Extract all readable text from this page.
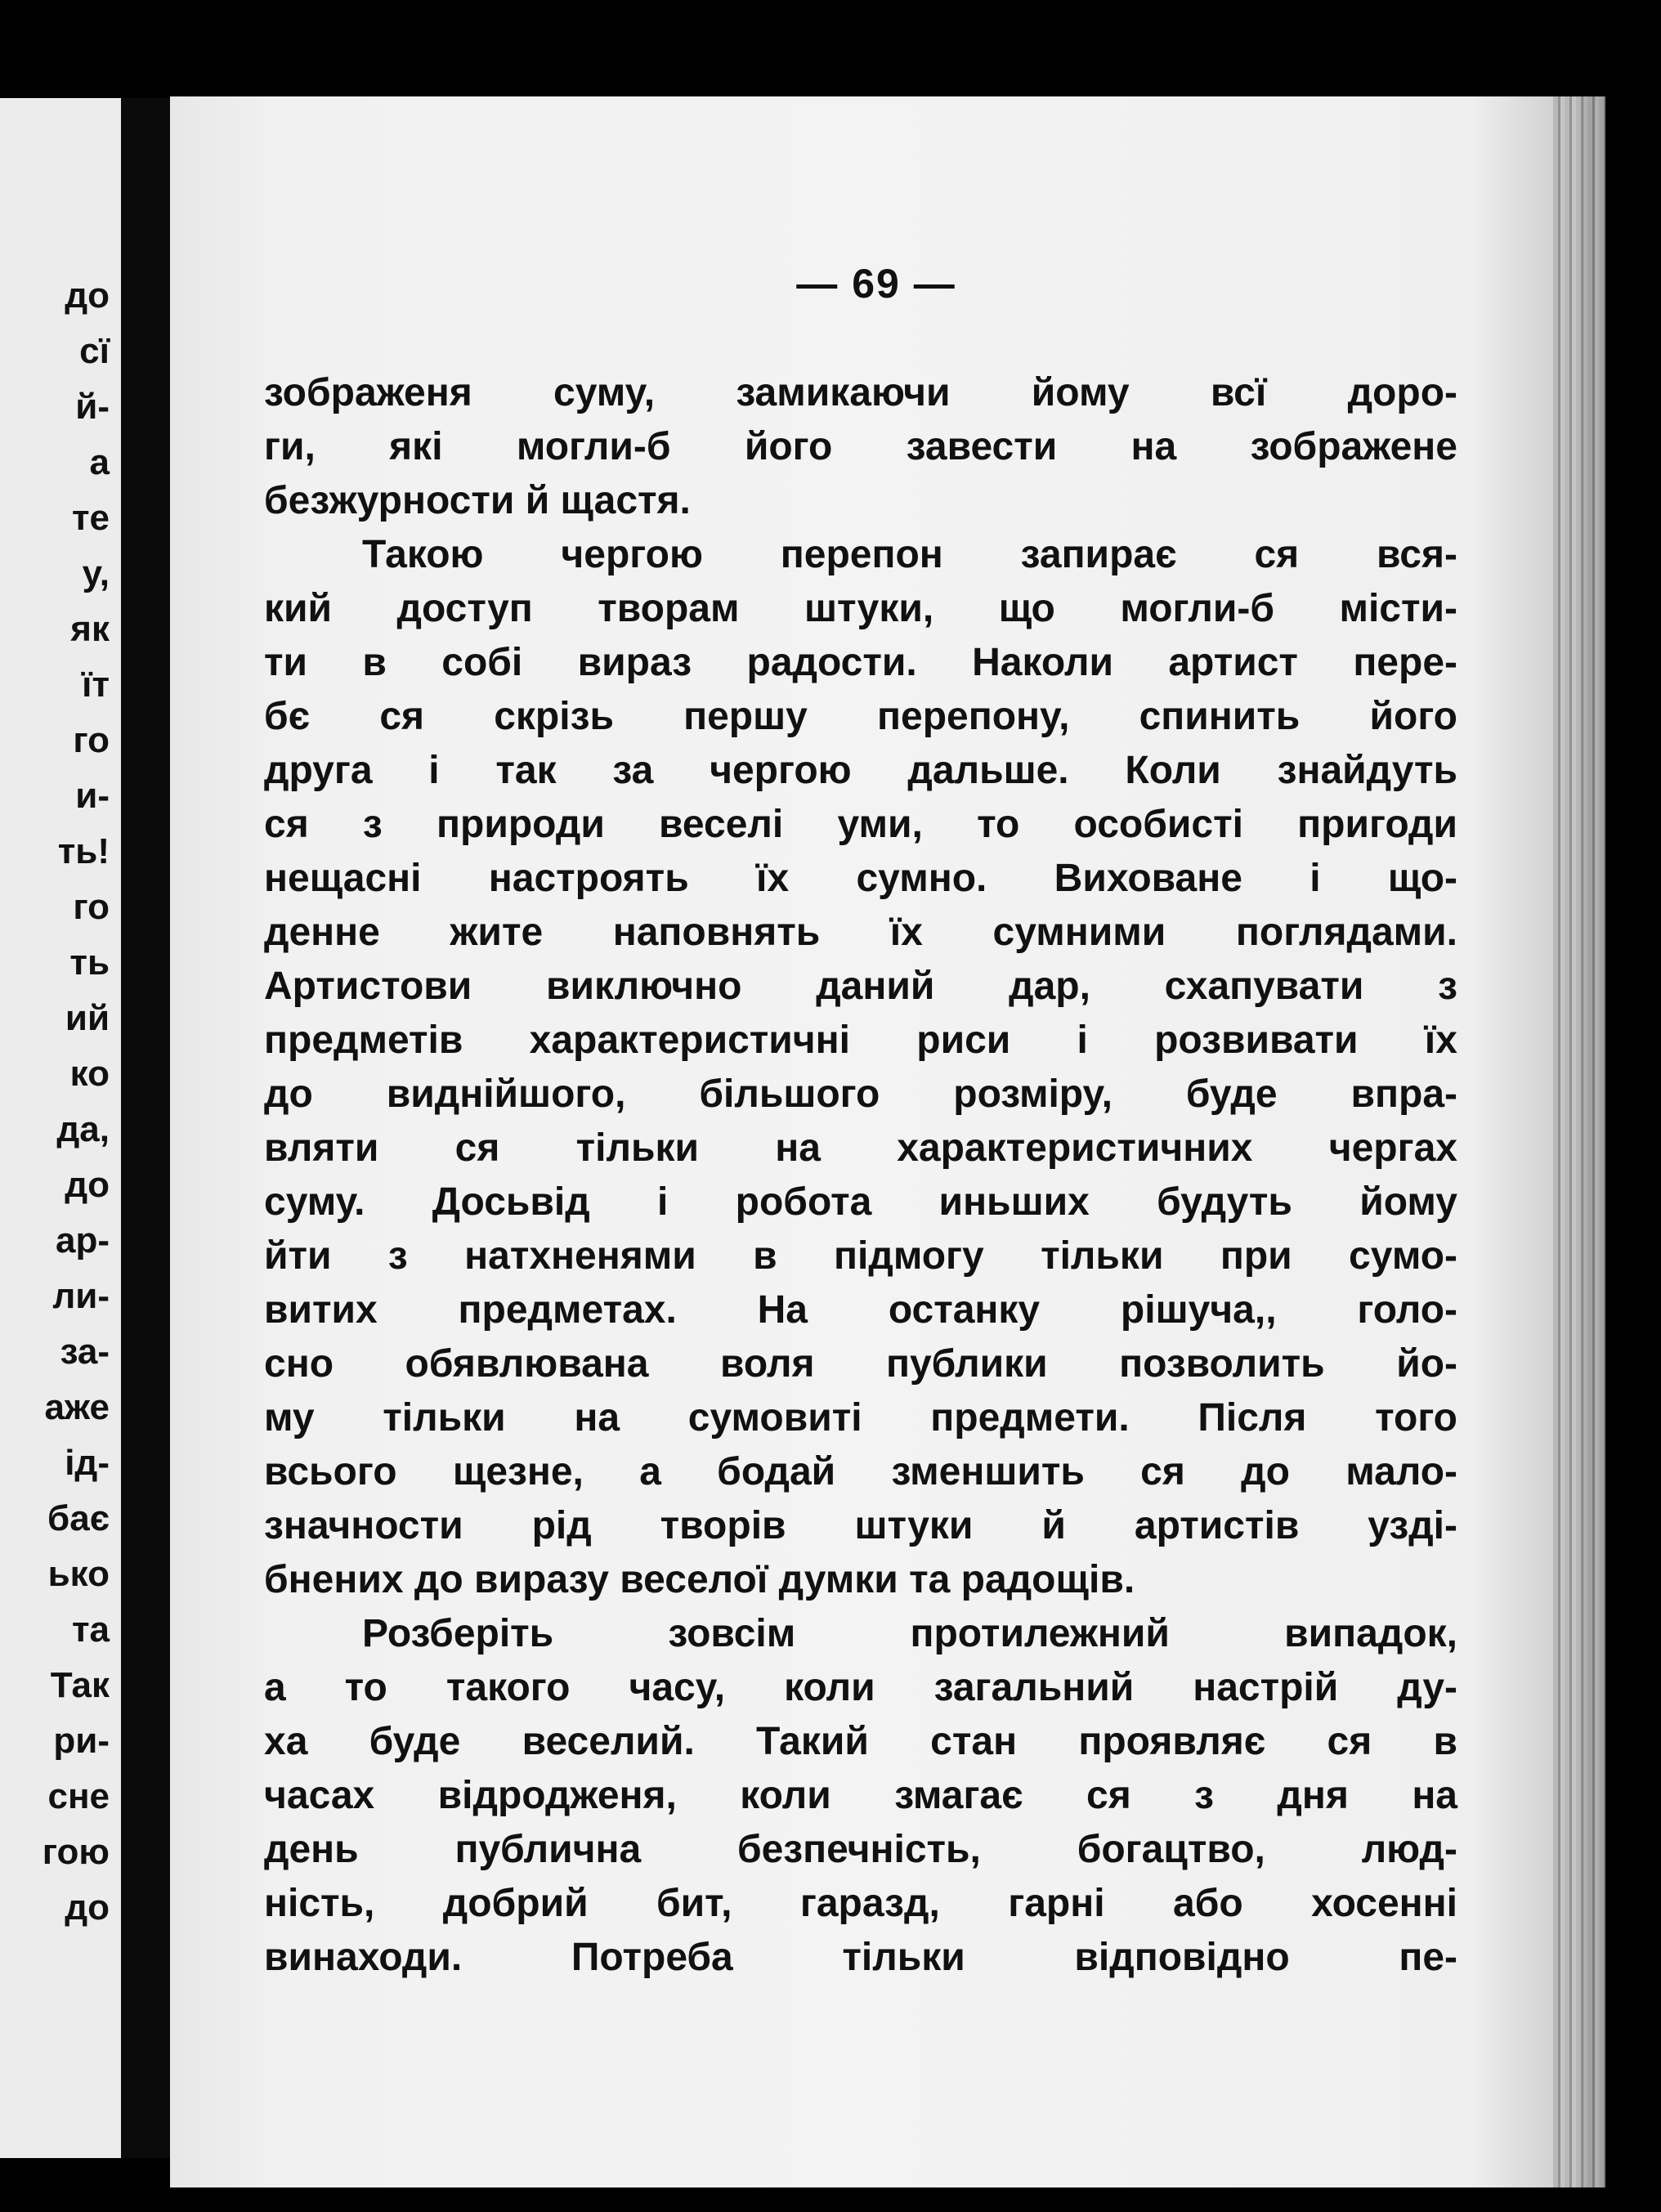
до
сї
й-
а
те
у,
як
їт
го
и-
ть!
го
ть
ий
ко
да,
до
ар-
ли-
за-
аже
ід-
бає
ько
та
Так
ри-
сне
гою
до
— 69 —
зображеня суму, замикаючи йому всї доро-
ги, які могли-б його завести на зображене
безжурности й щастя.
Такою чергою перепон запирає ся вся-
кий доступ творам штуки, що могли-б місти-
ти в собі вираз радости. Наколи артист пере-
бє ся скрізь першу перепону, спинить його
друга і так за чергою дальше. Коли знайдуть
ся з природи веселі уми, то особисті пригоди
нещасні настроять їх сумно. Виховане і що-
денне жите наповнять їх сумними поглядами.
Артистови виключно даний дар, схапувати з
предметів характеристичні риси і розвивати їх
до виднійшого, більшого розміру, буде впра-
вляти ся тільки на характеристичних чергах
суму. Досьвід і робота иньших будуть йому
йти з натхненями в підмогу тільки при сумо-
витих предметах. На останку рішуча,, голо-
сно обявлювана воля публики позволить йо-
му тільки на сумовиті предмети. Після того
всього щезне, а бодай зменшить ся до мало-
значности рід творів штуки й артистів узді-
бнених до виразу веселої думки та радощів.
Розберіть зовсім протилежний випадок,
а то такого часу, коли загальний настрій ду-
ха буде веселий. Такий стан проявляє ся в
часах відродженя, коли змагає ся з дня на
день публична безпечність, богацтво, люд-
ність, добрий бит, гаразд, гарні або хосенні
винаходи. Потреба тільки відповідно пе-
